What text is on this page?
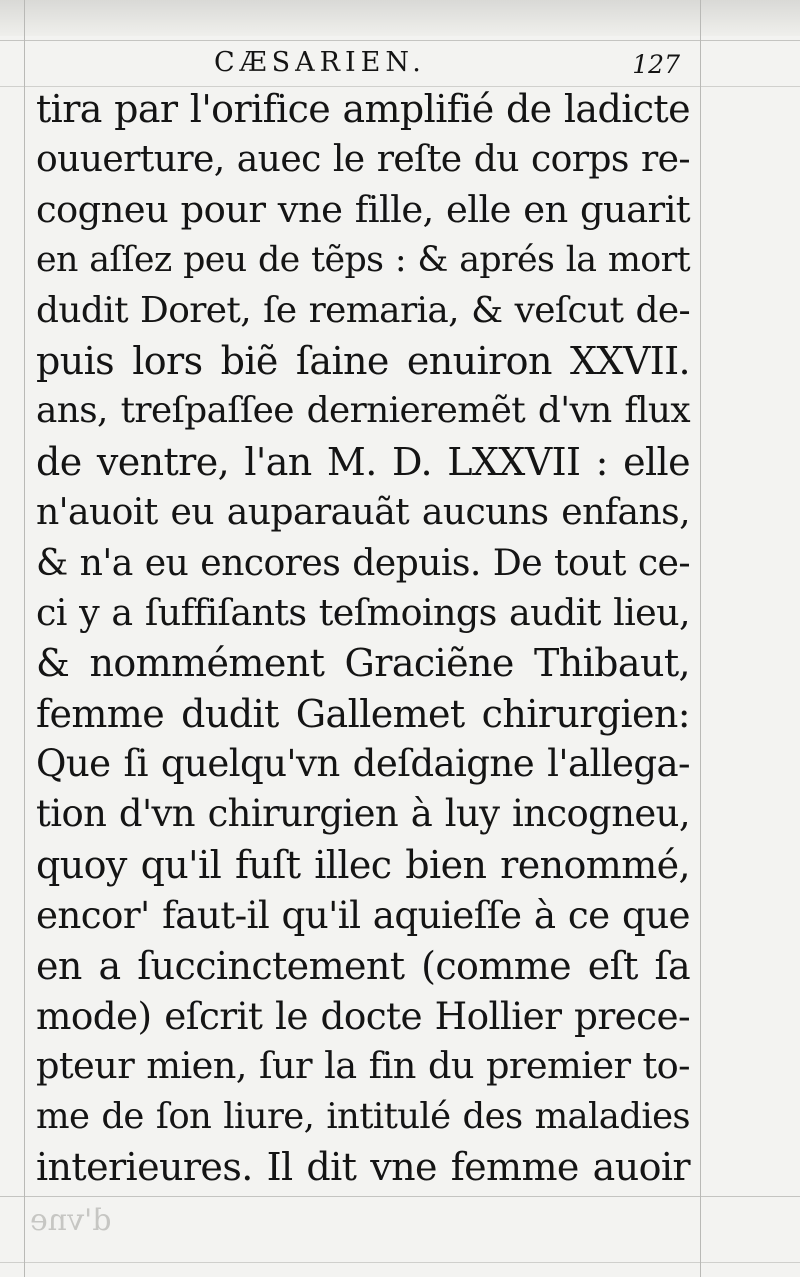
CÆSARIEN.	127
tira par l'orifice amplifié de ladicte
ouuerture, auec le reſte du corps re-
cogneu pour vne fille, elle en guarit
en aſſez peu de tẽps : & aprés la mort
dudit Doret, ſe remaria, & veſcut de-
puis lors biẽ ſaine enuiron XXVII.
ans, treſpaſſee dernieremẽt d'vn flux
de ventre, l'an M. D. LXXVII : elle
n'auoit eu auparauãt aucuns enfans,
& n'a eu encores depuis. De tout ce-
ci y a ſuffiſants teſmoings audit lieu,
& nommément Graciẽne Thibaut,
femme dudit Gallemet chirurgien:
Que ſi quelqu'vn deſdaigne l'allega-
tion d'vn chirurgien à luy incogneu,
quoy qu'il fuſt illec bien renommé,
encor' faut-il qu'il aquieſſe à ce que
en a ſuccinctement (comme eſt ſa
mode) eſcrit le docte Hollier prece-
pteur mien, ſur la fin du premier to-
me de ſon liure, intitulé des maladies
interieures. Il dit vne femme auoir
d'vne
